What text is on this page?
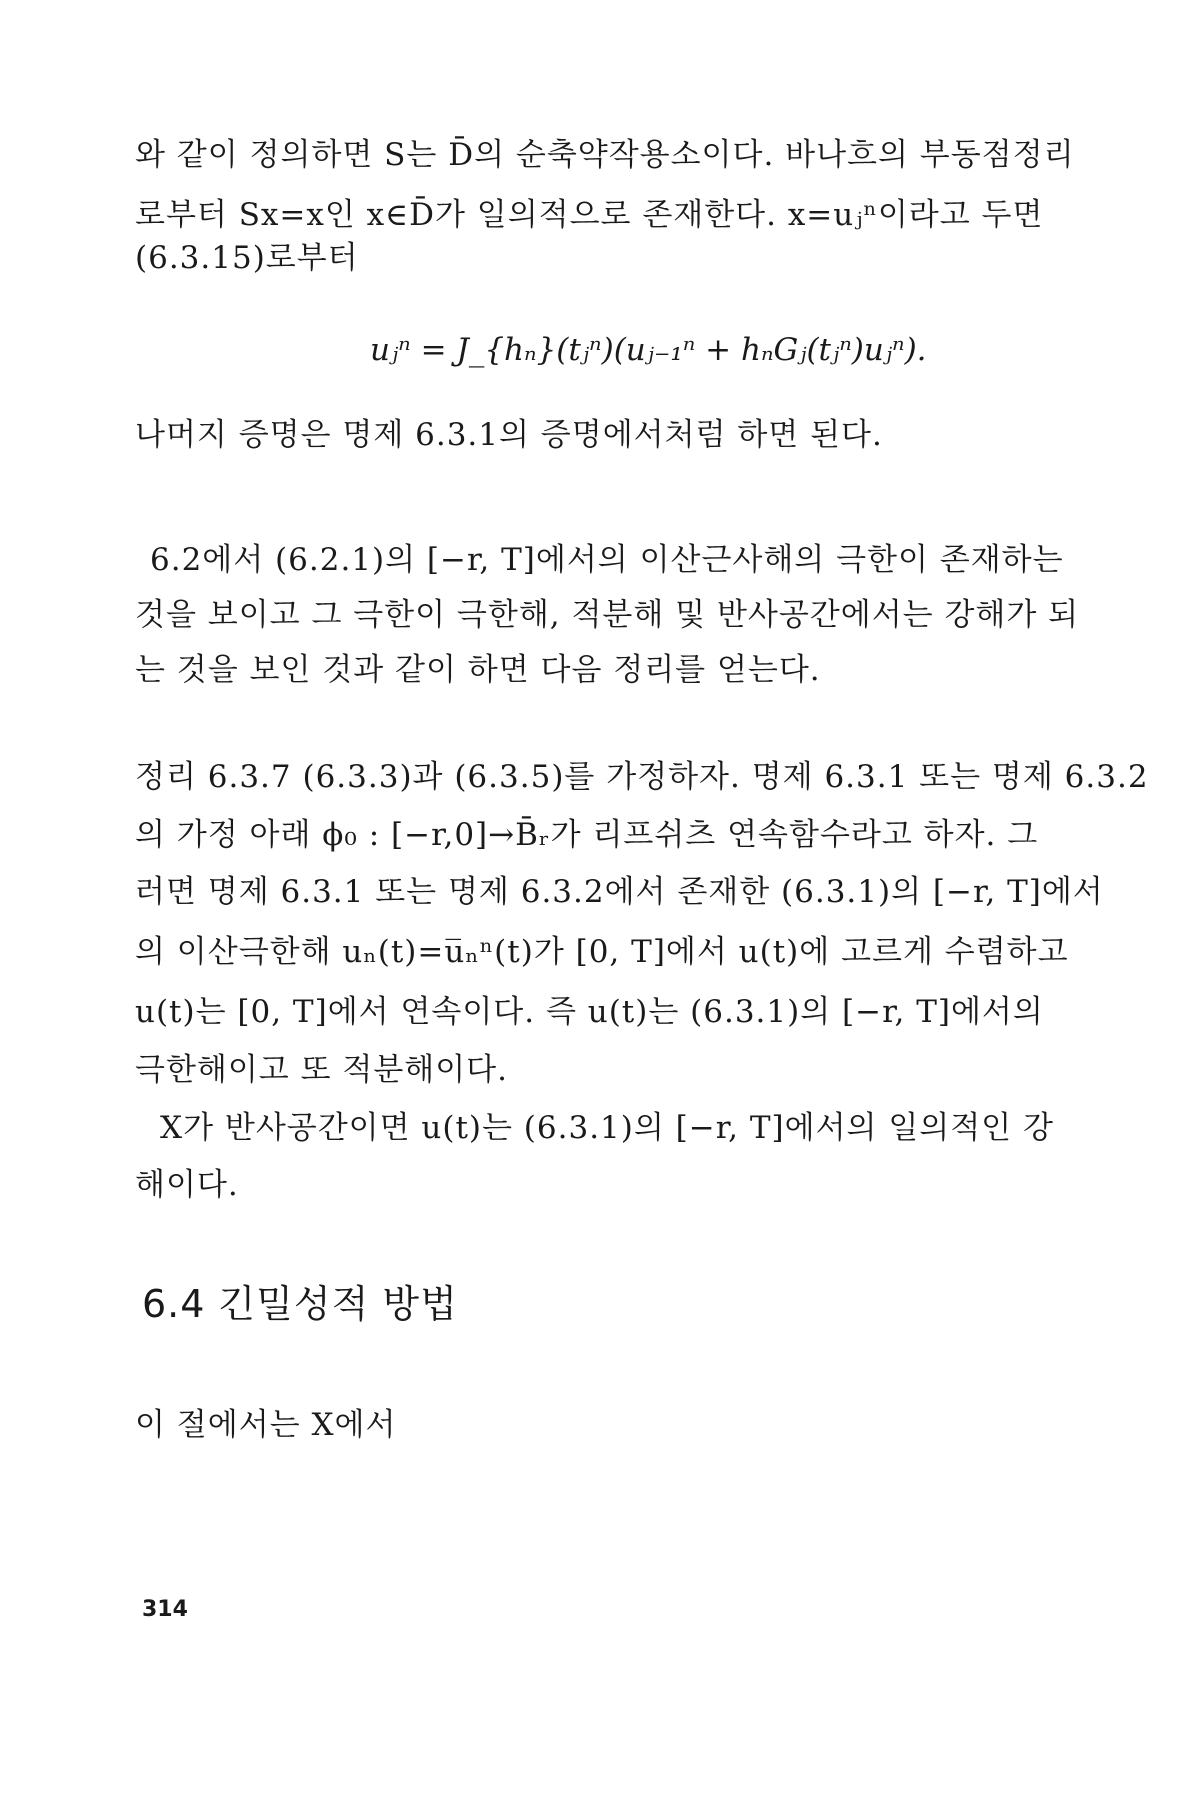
와 같이 정의하면 S는 D̄의 순축약작용소이다. 바나흐의 부동점정리
로부터 Sx=x인 x∈D̄가 일의적으로 존재한다. x=uⱼⁿ이라고 두면
(6.3.15)로부터
uⱼⁿ = J_{hₙ}(tⱼⁿ)(uⱼ₋₁ⁿ + hₙGⱼ(tⱼⁿ)uⱼⁿ).
나머지 증명은 명제 6.3.1의 증명에서처럼 하면 된다.
6.2에서 (6.2.1)의 [−r, T]에서의 이산근사해의 극한이 존재하는
것을 보이고 그 극한이 극한해, 적분해 및 반사공간에서는 강해가 되
는 것을 보인 것과 같이 하면 다음 정리를 얻는다.
정리 6.3.7 (6.3.3)과 (6.3.5)를 가정하자. 명제 6.3.1 또는 명제 6.3.2
의 가정 아래 ϕ₀ : [−r,0]→B̄ᵣ가 리프쉬츠 연속함수라고 하자. 그
러면 명제 6.3.1 또는 명제 6.3.2에서 존재한 (6.3.1)의 [−r, T]에서
의 이산극한해 uₙ(t)=u̅ₙⁿ(t)가 [0, T]에서 u(t)에 고르게 수렴하고
u(t)는 [0, T]에서 연속이다. 즉 u(t)는 (6.3.1)의 [−r, T]에서의
극한해이고 또 적분해이다.
X가 반사공간이면 u(t)는 (6.3.1)의 [−r, T]에서의 일의적인 강
해이다.
6.4 긴밀성적 방법
이 절에서는 X에서
314
